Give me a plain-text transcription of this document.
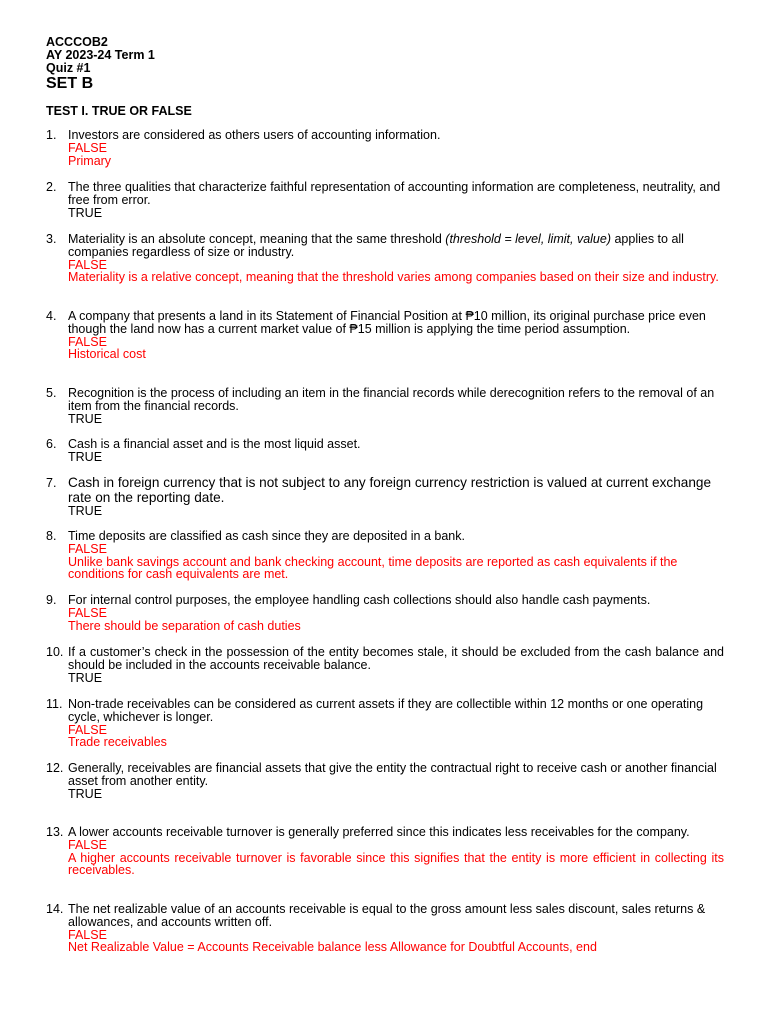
ACCCOB2
AY 2023-24 Term 1
Quiz #1
SET B
TEST I. TRUE OR FALSE
1. Investors are considered as others users of accounting information.
FALSE
Primary
2. The three qualities that characterize faithful representation of accounting information are completeness, neutrality, and free from error.
TRUE
3. Materiality is an absolute concept, meaning that the same threshold (threshold = level, limit, value) applies to all companies regardless of size or industry.
FALSE
Materiality is a relative concept, meaning that the threshold varies among companies based on their size and industry.
4. A company that presents a land in its Statement of Financial Position at ₱10 million, its original purchase price even though the land now has a current market value of ₱15 million is applying the time period assumption.
FALSE
Historical cost
5. Recognition is the process of including an item in the financial records while derecognition refers to the removal of an item from the financial records.
TRUE
6. Cash is a financial asset and is the most liquid asset.
TRUE
7. Cash in foreign currency that is not subject to any foreign currency restriction is valued at current exchange rate on the reporting date.
TRUE
8. Time deposits are classified as cash since they are deposited in a bank.
FALSE
Unlike bank savings account and bank checking account, time deposits are reported as cash equivalents if the conditions for cash equivalents are met.
9. For internal control purposes, the employee handling cash collections should also handle cash payments.
FALSE
There should be separation of cash duties
10. If a customer’s check in the possession of the entity becomes stale, it should be excluded from the cash balance and should be included in the accounts receivable balance.
TRUE
11. Non-trade receivables can be considered as current assets if they are collectible within 12 months or one operating cycle, whichever is longer.
FALSE
Trade receivables
12. Generally, receivables are financial assets that give the entity the contractual right to receive cash or another financial asset from another entity.
TRUE
13. A lower accounts receivable turnover is generally preferred since this indicates less receivables for the company.
FALSE
A higher accounts receivable turnover is favorable since this signifies that the entity is more efficient in collecting its receivables.
14. The net realizable value of an accounts receivable is equal to the gross amount less sales discount, sales returns & allowances, and accounts written off.
FALSE
Net Realizable Value = Accounts Receivable balance less Allowance for Doubtful Accounts, end
